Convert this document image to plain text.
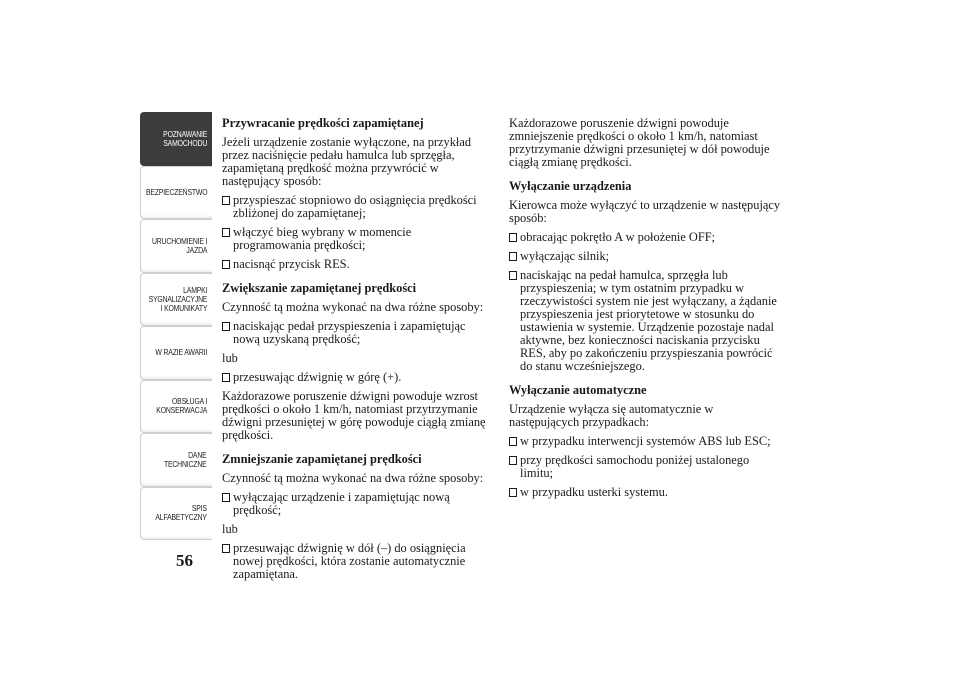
POZNAWANIE
SAMOCHODU
BEZPIECZEŃSTWO
URUCHOMIENIE I
JAZDA
LAMPKI
SYGNALIZACYJNE
I KOMUNIKATY
W RAZIE AWARII
OBSŁUGA I
KONSERWACJA
DANE
TECHNICZNE
SPIS
ALFABETYCZNY
56
Przywracanie prędkości zapamiętanej

Jeżeli urządzenie zostanie wyłączone, na przykład przez naciśnięcie pedału hamulca lub sprzęgła, zapamiętaną prędkość można przywrócić w następujący sposób:

przyspieszać stopniowo do osiągnięcia prędkości zbliżonej do zapamiętanej;
włączyć bieg wybrany w momencie programowania prędkości;
nacisnąć przycisk RES.
Zwiększanie zapamiętanej prędkości

Czynność tą można wykonać na dwa różne sposoby:

naciskając pedał przyspieszenia i zapamiętując nową uzyskaną prędkość;

lub

przesuwając dźwignię w górę (+).

Każdorazowe poruszenie dźwigni powoduje wzrost prędkości o około 1 km/h, natomiast przytrzymanie dźwigni przesuniętej w górę powoduje ciągłą zmianę prędkości.

Zmniejszanie zapamiętanej prędkości

Czynność tą można wykonać na dwa różne sposoby:

wyłączając urządzenie i zapamiętując nową prędkość;

lub

przesuwając dźwignię w dół (–) do osiągnięcia nowej prędkości, która zostanie automatycznie zapamiętana.

Każdorazowe poruszenie dźwigni powoduje zmniejszenie prędkości o około 1 km/h, natomiast przytrzymanie dźwigni przesuniętej w dół powoduje ciągłą zmianę prędkości.

Wyłączanie urządzenia

Kierowca może wyłączyć to urządzenie w następujący sposób:

obracając pokrętło A w położenie OFF;
wyłączając silnik;
naciskając na pedał hamulca, sprzęgła lub przyspieszenia; w tym ostatnim przypadku w rzeczywistości system nie jest wyłączany, a żądanie przyspieszenia jest priorytetowe w stosunku do ustawienia w systemie. Urządzenie pozostaje nadal aktywne, bez konieczności naciskania przycisku RES, aby po zakończeniu przyspieszania powrócić do stanu wcześniejszego.
Wyłączanie automatyczne

Urządzenie wyłącza się automatycznie w następujących przypadkach:

w przypadku interwencji systemów ABS lub ESC;
przy prędkości samochodu poniżej ustalonego limitu;
w przypadku usterki systemu.
